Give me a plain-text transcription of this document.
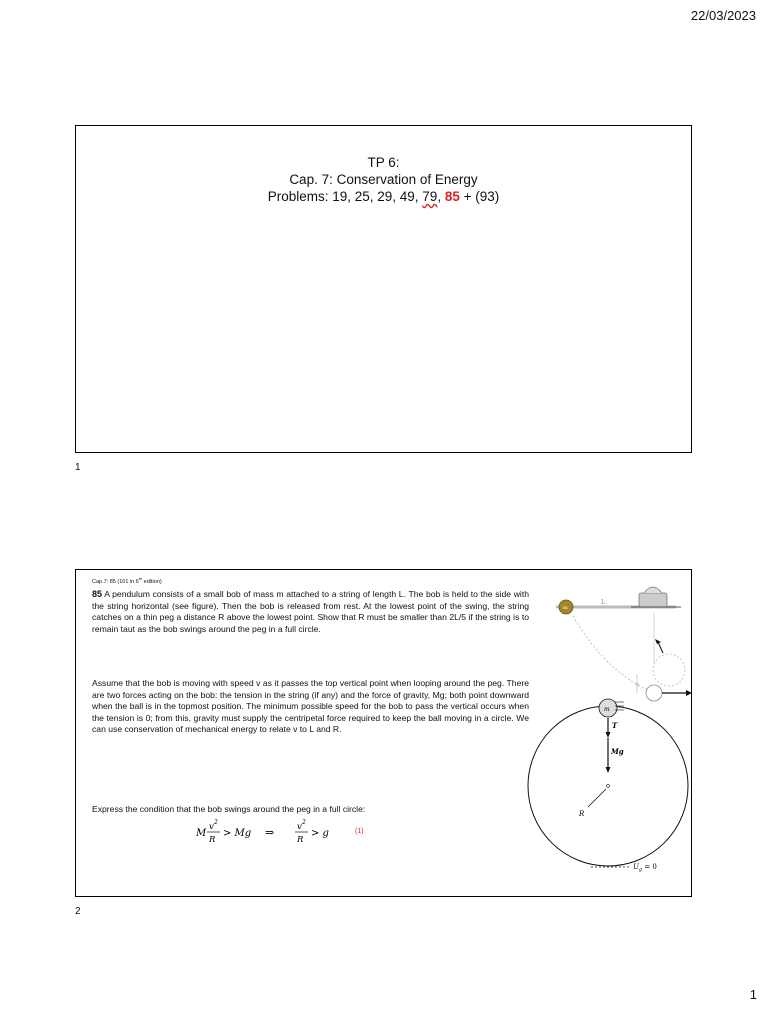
22/03/2023
TP 6:
Cap. 7: Conservation of Energy
Problems: 19, 25, 29, 49, 79, 85 + (93)
1
Cap.7: 85 (101 in 6th edition)
85 A pendulum consists of a small bob of mass m attached to a string of length L. The bob is held to the side with the string horizontal (see figure). Then the bob is released from rest. At the lowest point of the swing, the string catches on a thin peg a distance R above the lowest point. Show that R must be smaller than 2L/5 if the string is to remain taut as the bob swings around the peg in a full circle.
Assume that the bob is moving with speed v as it passes the top vertical point when looping around the peg. There are two forces acting on the bob: the tension in the string (if any) and the force of gravity, Mg; both point downward when the ball is in the topmost position. The minimum possible speed for the bob to pass the vertical occurs when the tension is 0; from this, gravity must supply the centripetal force required to keep the ball moving in a circle. We can use conservation of mechanical energy to relate v to L and R.
Express the condition that the bob swings around the peg in a full circle:
M
v 2
R
> Mg ⇒	v 2
R
> g	(1)
m
L
R
R
m
T
Mg
$U_g = 0$
2
1
